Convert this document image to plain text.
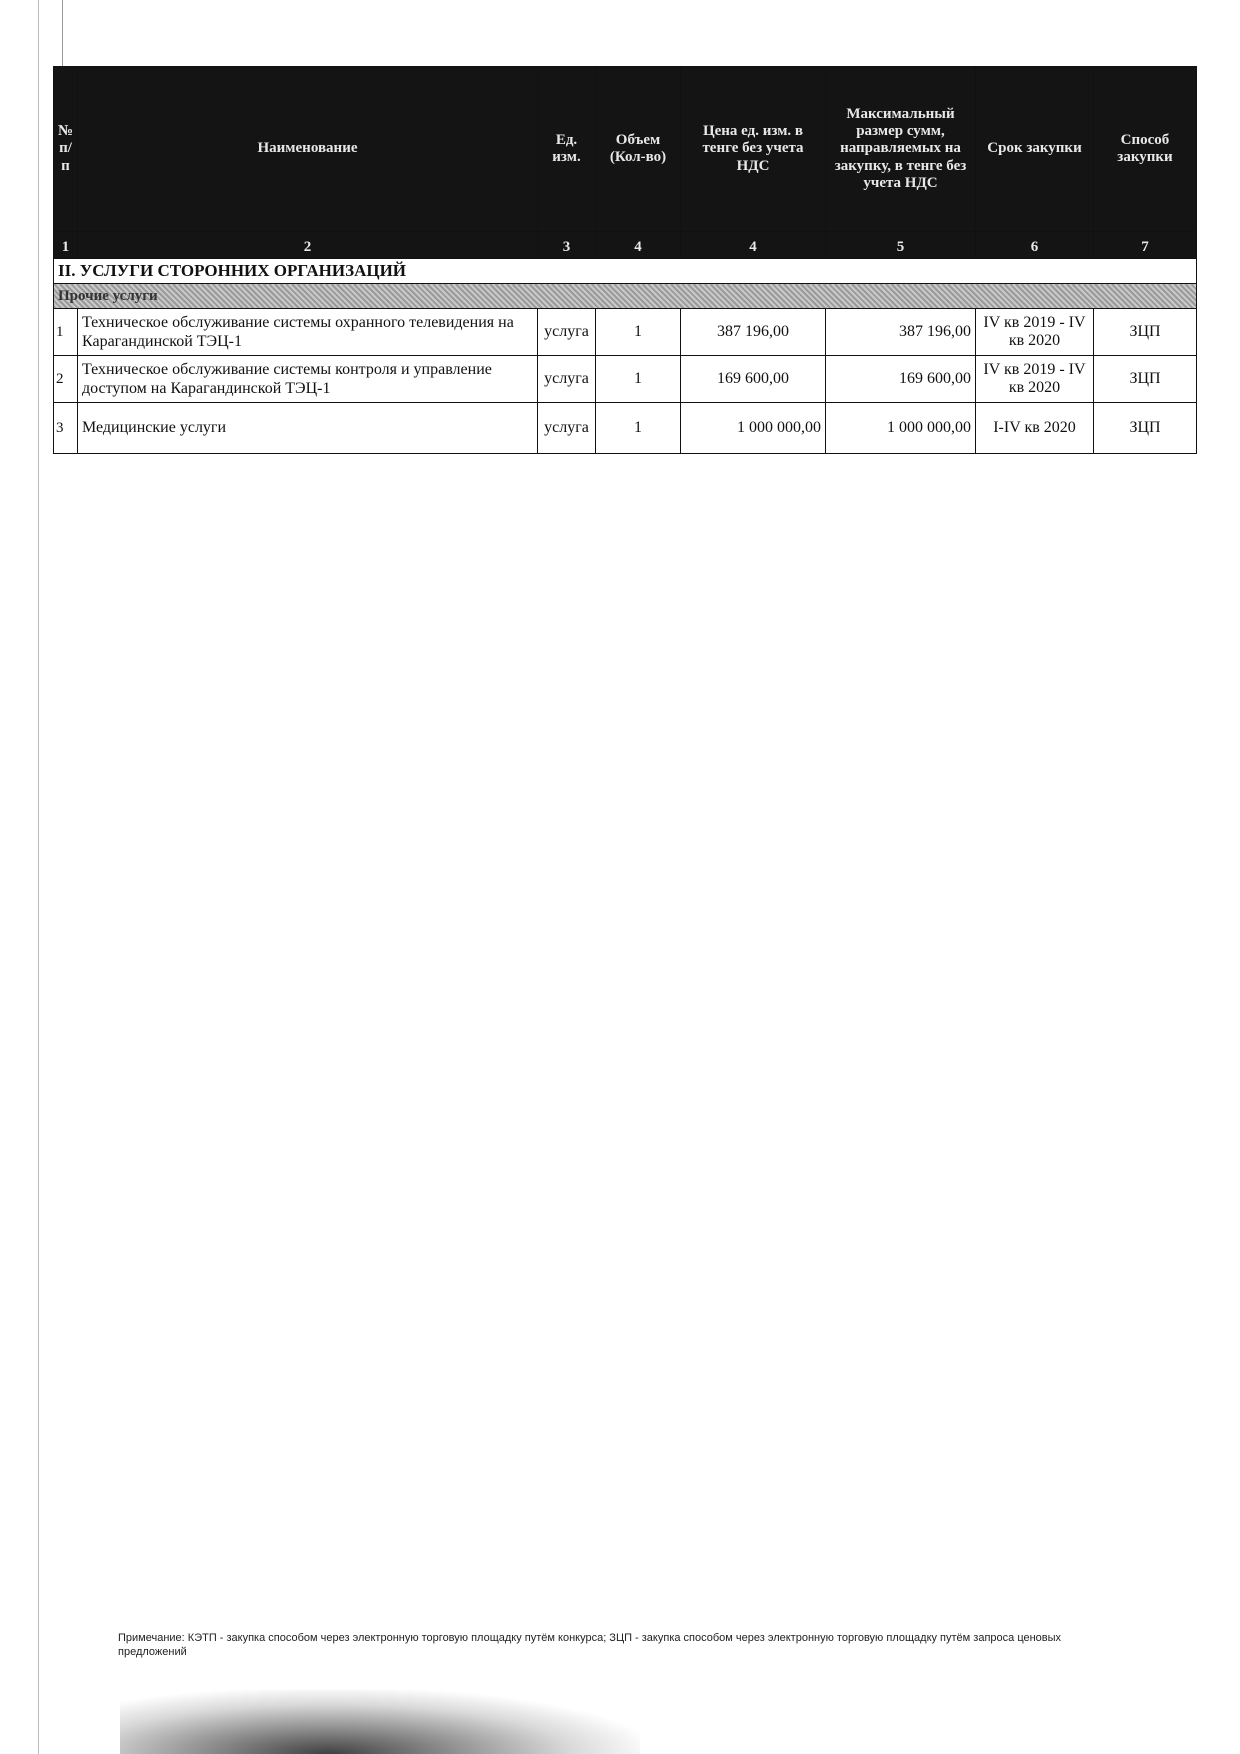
№ п/п	Наименование	Ед. изм.	Объем (Кол-во)	Цена ед. изм. в тенге без учета НДС	Максимальный размер сумм, направляемых на закупку, в тенге без учета НДС	Срок закупки	Способ закупки
1	2	3	4	4	5	6	7
II. УСЛУГИ СТОРОННИХ ОРГАНИЗАЦИЙ							
Прочие услуги							
1	Техническое обслуживание системы охранного телевидения на Карагандинской ТЭЦ-1	услуга	1	387 196,00	387 196,00	IV кв 2019 - IV кв 2020	ЗЦП
2	Техническое обслуживание системы контроля и управление доступом на Карагандинской ТЭЦ-1	услуга	1	169 600,00	169 600,00	IV кв 2019 - IV кв 2020	ЗЦП
3	Медицинские услуги	услуга	1	1 000 000,00	1 000 000,00	I-IV кв 2020	ЗЦП
Примечание: КЭТП - закупка способом через электронную торговую площадку путём конкурса; ЗЦП - закупка способом через электронную торговую площадку путём запроса ценовых предложений
